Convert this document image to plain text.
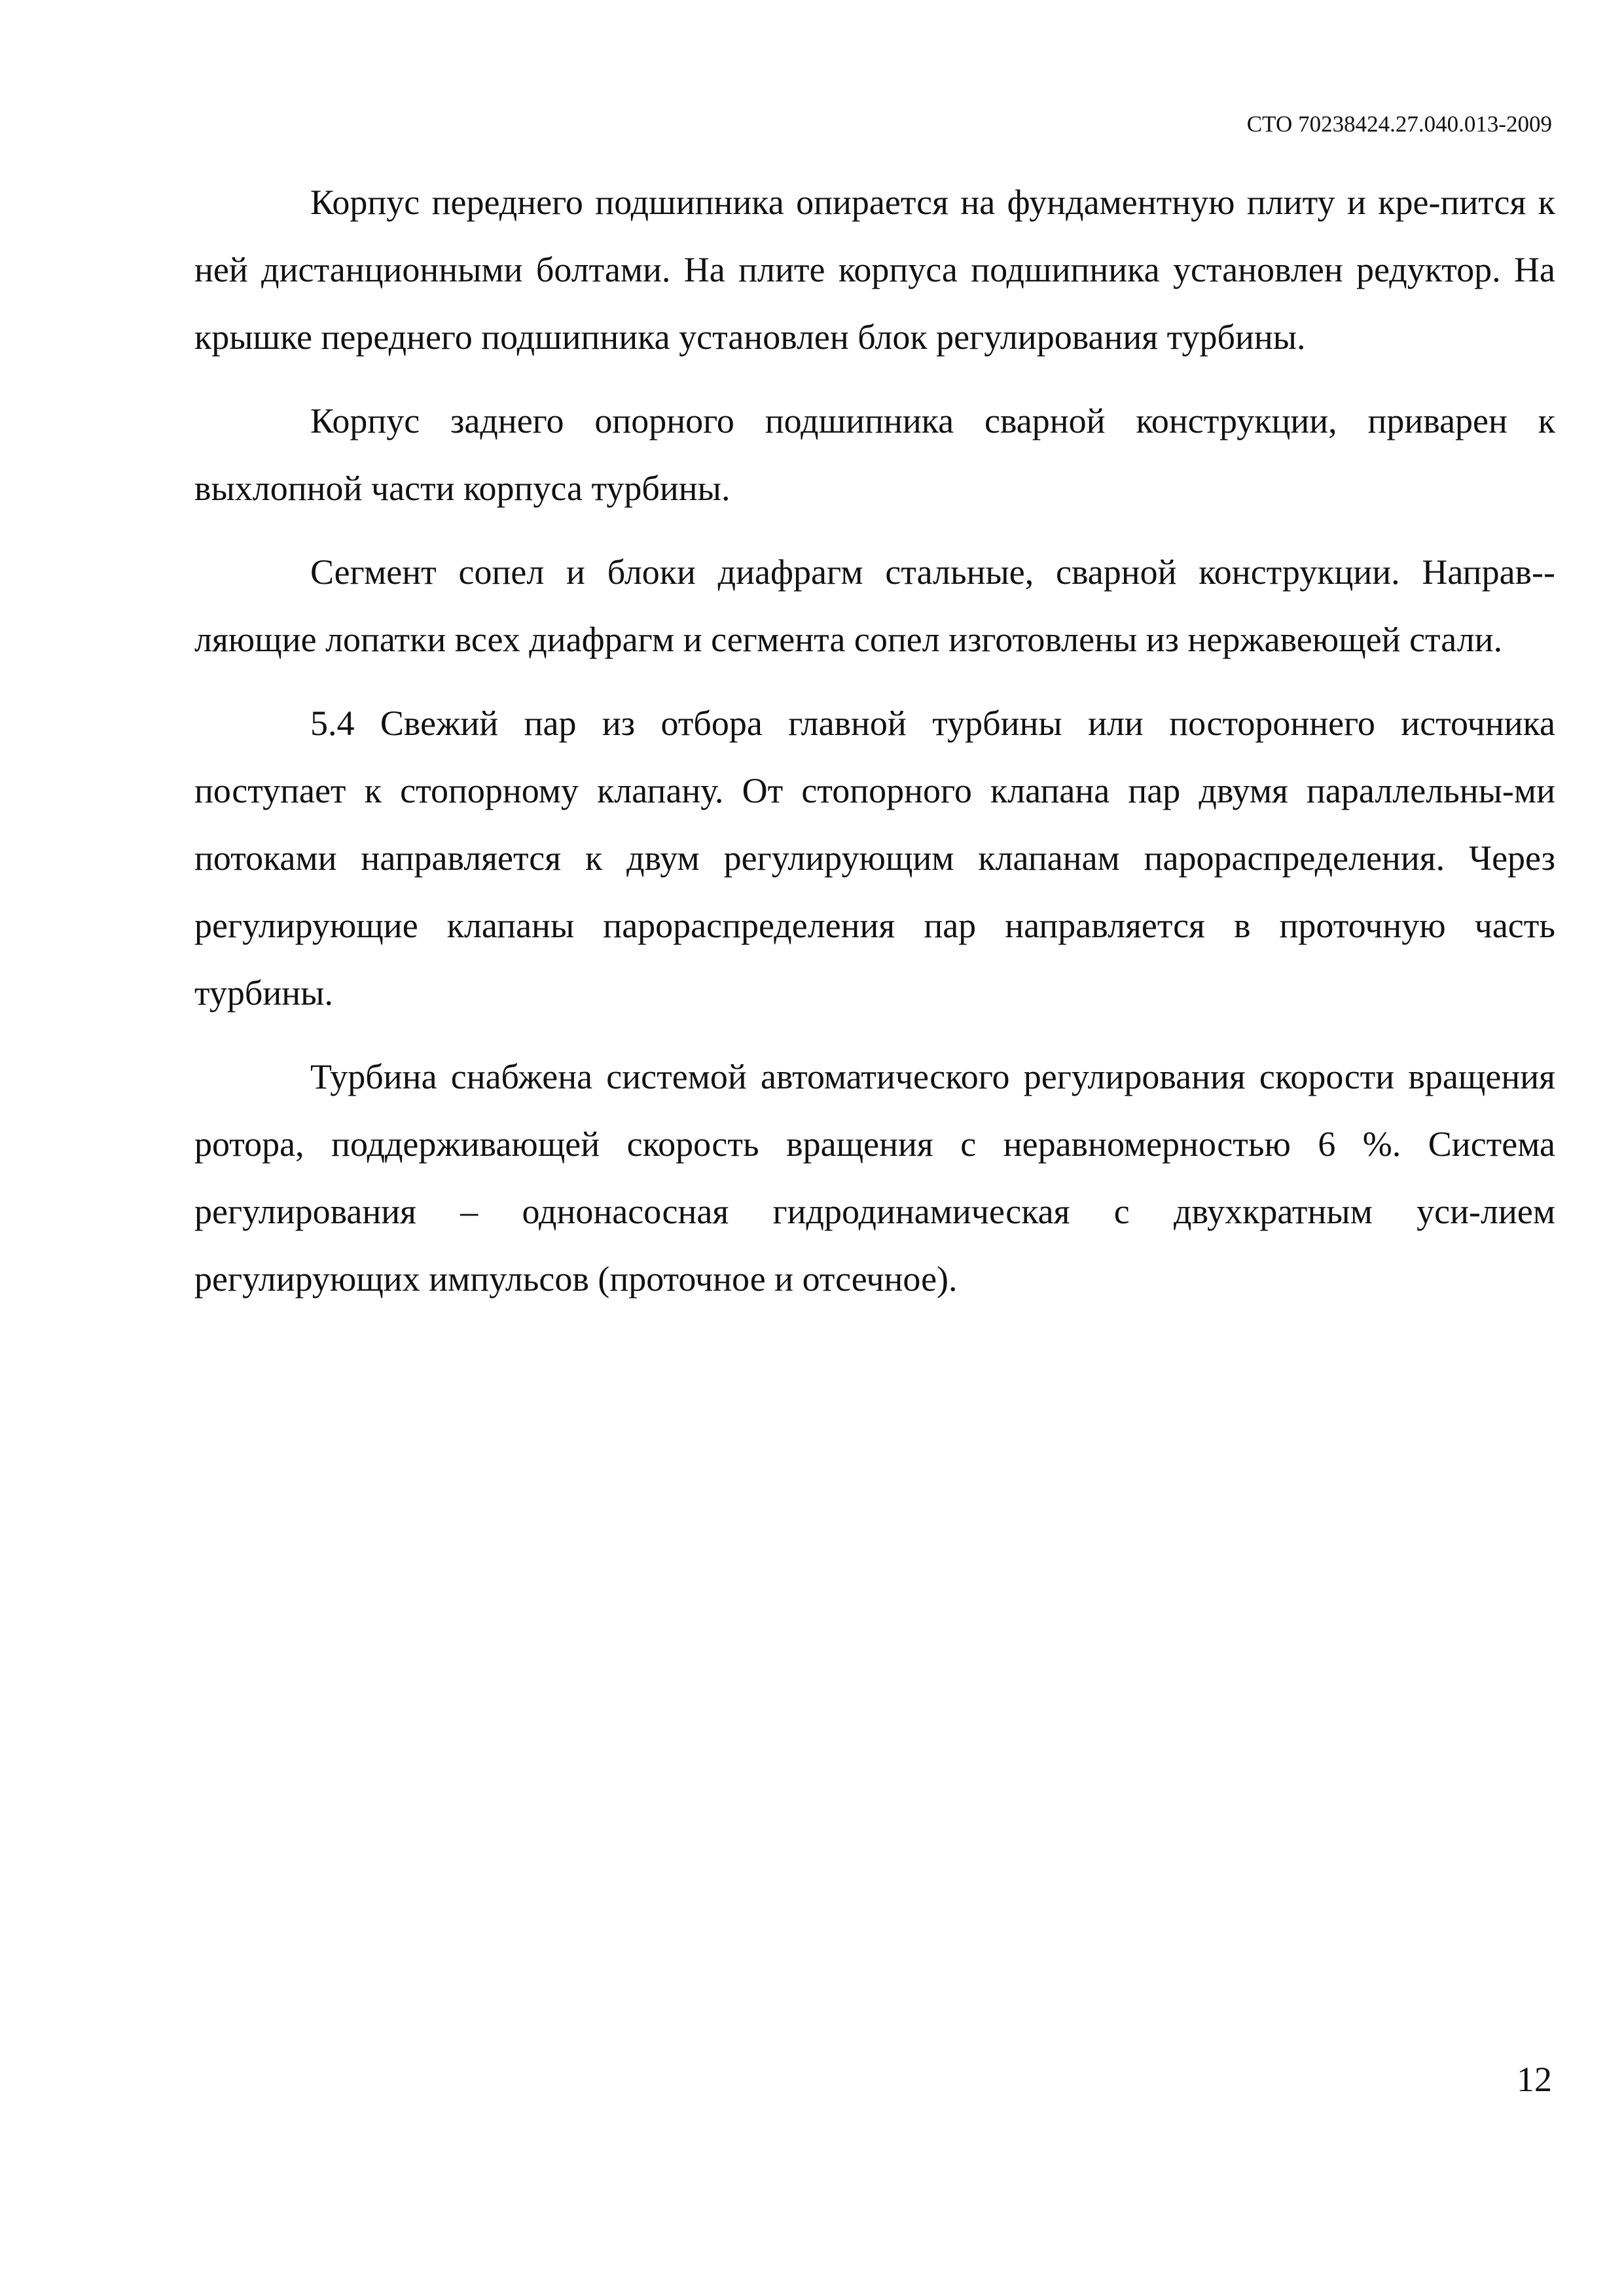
СТО 70238424.27.040.013-2009

Корпус переднего подшипника опирается на фундаментную плиту и кре-пится к ней дистанционными болтами. На плите корпуса подшипника установлен редуктор. На крышке переднего подшипника установлен блок регулирования турбины.

Корпус заднего опорного подшипника сварной конструкции, приварен к выхлопной части корпуса турбины.

Сегмент сопел и блоки диафрагм стальные, сварной конструкции. Направ-ляющие лопатки всех диафрагм и сегмента сопел изготовлены из нержавеющей стали.

5.4 Свежий пар из отбора главной турбины или постороннего источника поступает к стопорному клапану. От стопорного клапана пар двумя параллельны-ми потоками направляется к двум регулирующим клапанам парораспределения. Через регулирующие клапаны парораспределения пар направляется в проточную часть турбины.

Турбина снабжена системой автоматического регулирования скорости вращения ротора, поддерживающей скорость вращения с неравномерностью 6 %. Система регулирования – однонасосная гидродинамическая с двухкратным уси-лием регулирующих импульсов (проточное и отсечное).

12
